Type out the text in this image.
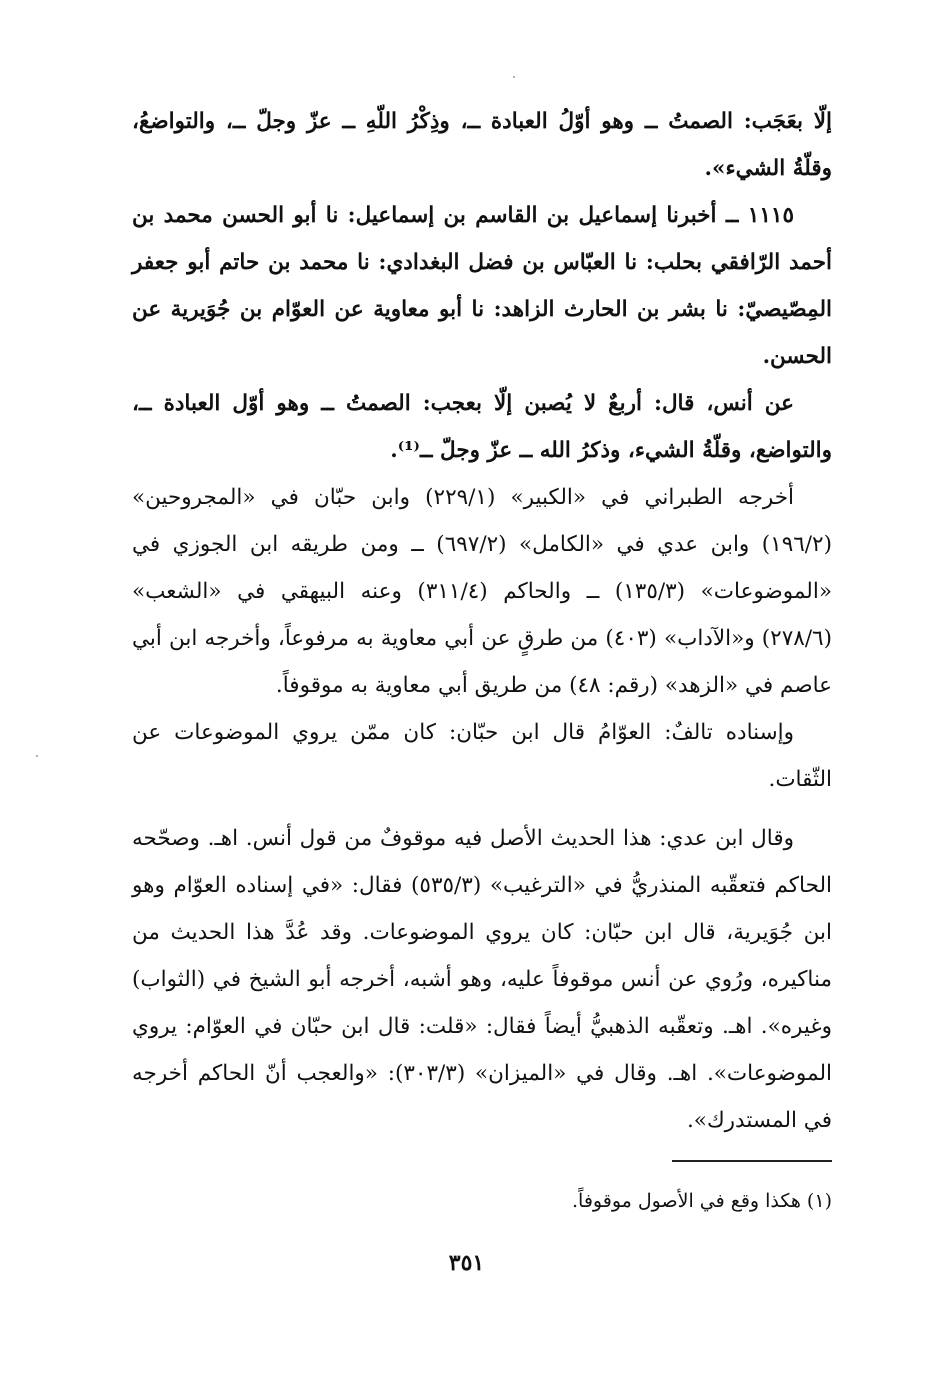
إلّا بعَجَب: الصمتُ ــ وهو أوّلُ العبادة ــ، وذِكْرُ اللّهِ ــ عزّ وجلّ ــ، والتواضعُ، وقلّةُ الشيء».

١١١٥ ــ أخبرنا إسماعيل بن القاسم بن إسماعيل: نا أبو الحسن محمد بن أحمد الرّافقي بحلب: نا العبّاس بن فضل البغدادي: نا محمد بن حاتم أبو جعفر المِصّيصيّ: نا بشر بن الحارث الزاهد: نا أبو معاوية عن العوّام بن جُوَيرية عن الحسن.

عن أنس، قال: أربعٌ لا يُصبن إلّا بعجب: الصمتُ ــ وهو أوّل العبادة ــ، والتواضع، وقلّةُ الشيء، وذكرُ الله ــ عزّ وجلّ ــ⁽¹⁾.

أخرجه الطبراني في «الكبير» (٢٢٩/١) وابن حبّان في «المجروحين» (١٩٦/٢) وابن عدي في «الكامل» (٦٩٧/٢) ــ ومن طريقه ابن الجوزي في «الموضوعات» (١٣٥/٣) ــ والحاكم (٣١١/٤) وعنه البيهقي في «الشعب» (٢٧٨/٦) و«الآداب» (٤٠٣) من طرقٍ عن أبي معاوية به مرفوعاً، وأخرجه ابن أبي عاصم في «الزهد» (رقم: ٤٨) من طريق أبي معاوية به موقوفاً.

وإسناده تالفٌ: العوّامُ قال ابن حبّان: كان ممّن يروي الموضوعات عن الثّقات.

وقال ابن عدي: هذا الحديث الأصل فيه موقوفٌ من قول أنس. اهـ. وصحّحه الحاكم فتعقّبه المنذريُّ في «الترغيب» (٥٣٥/٣) فقال: «في إسناده العوّام وهو ابن جُوَيرية، قال ابن حبّان: كان يروي الموضوعات. وقد عُدَّ هذا الحديث من مناكيره، ورُوي عن أنس موقوفاً عليه، وهو أشبه، أخرجه أبو الشيخ في (الثواب) وغيره». اهـ. وتعقّبه الذهبيُّ أيضاً فقال: «قلت: قال ابن حبّان في العوّام: يروي الموضوعات». اهـ. وقال في «الميزان» (٣٠٣/٣): «والعجب أنّ الحاكم أخرجه في المستدرك».

(١) هكذا وقع في الأصول موقوفاً.
٣٥١
